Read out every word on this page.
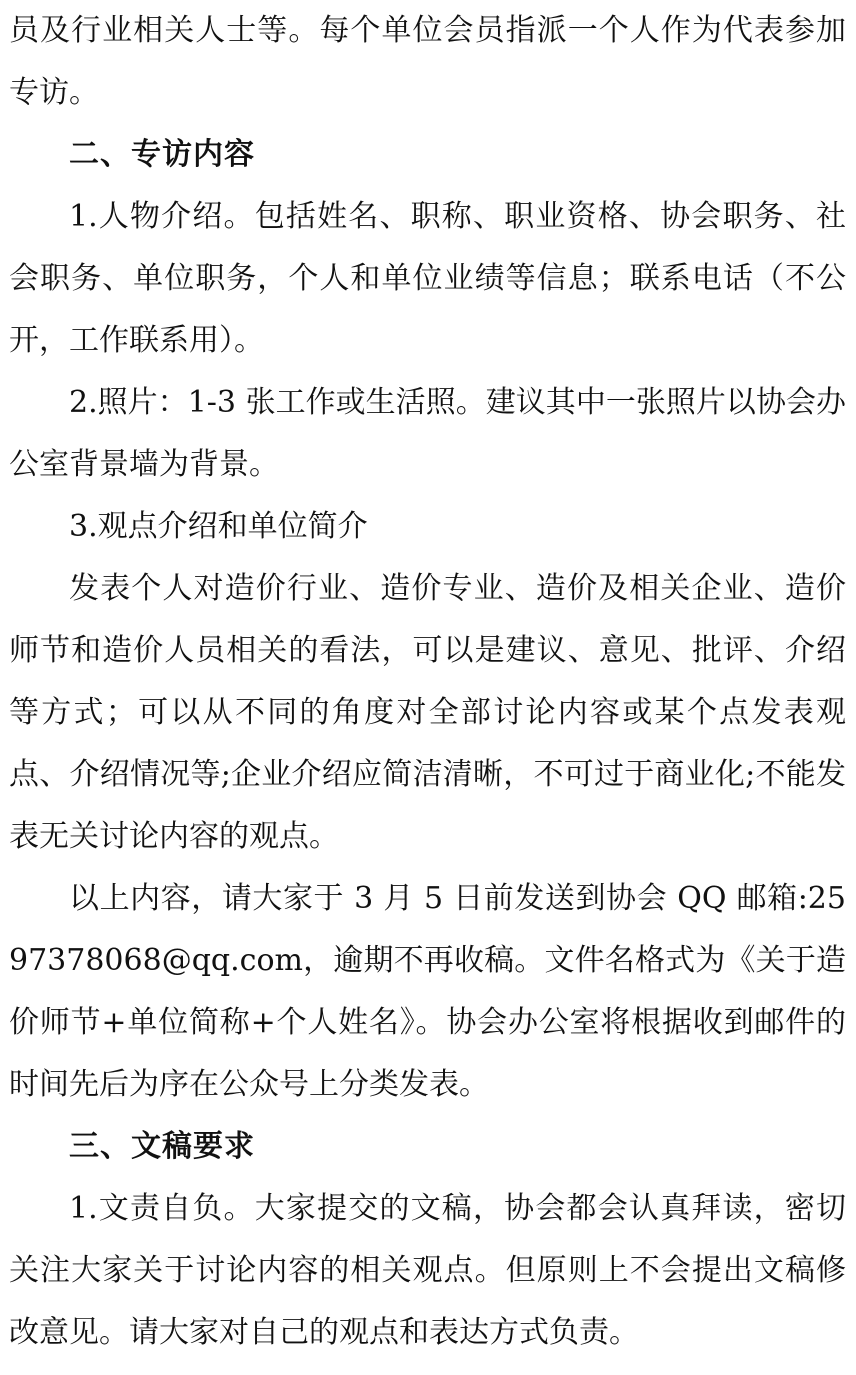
员及行业相关人士等。每个单位会员指派一个人作为代表参加专访。

二、专访内容

1.人物介绍。包括姓名、职称、职业资格、协会职务、社会职务、单位职务，个人和单位业绩等信息；联系电话（不公开，工作联系用）。

2.照片：1-3 张工作或生活照。建议其中一张照片以协会办公室背景墙为背景。

3.观点介绍和单位简介

发表个人对造价行业、造价专业、造价及相关企业、造价师节和造价人员相关的看法，可以是建议、意见、批评、介绍等方式；可以从不同的角度对全部讨论内容或某个点发表观点、介绍情况等;企业介绍应简洁清晰，不可过于商业化;不能发表无关讨论内容的观点。

以上内容，请大家于 3 月 5 日前发送到协会 QQ 邮箱:2597378068@qq.com，逾期不再收稿。文件名格式为《关于造价师节+单位简称+个人姓名》。协会办公室将根据收到邮件的时间先后为序在公众号上分类发表。

三、文稿要求

1.文责自负。大家提交的文稿，协会都会认真拜读，密切关注大家关于讨论内容的相关观点。但原则上不会提出文稿修改意见。请大家对自己的观点和表达方式负责。
